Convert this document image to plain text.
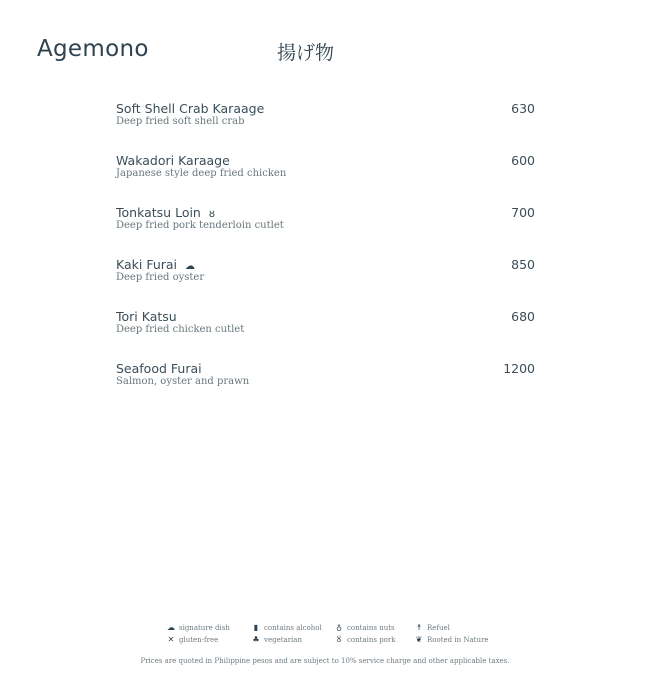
Agemono	揚げ物
Soft Shell Crab Karaage
Deep fried soft shell crab
630
Wakadori Karaage
Japanese style deep fried chicken
600
Tonkatsu Loin ȣ
Deep fried pork tenderloin cutlet
700
Kaki Furai ☁
Deep fried oyster
850
Tori Katsu
Deep fried chicken cutlet
680
Seafood Furai
Salmon, oyster and prawn
1200
☁ signature dish
✕ gluten-free
▮ contains alcohol
♣ vegetarian
♁ contains nuts
ȣ contains pork
☨ Refuel
❦ Rooted in Nature
Prices are quoted in Philippine pesos and are subject to 10% service charge and other applicable taxes.
